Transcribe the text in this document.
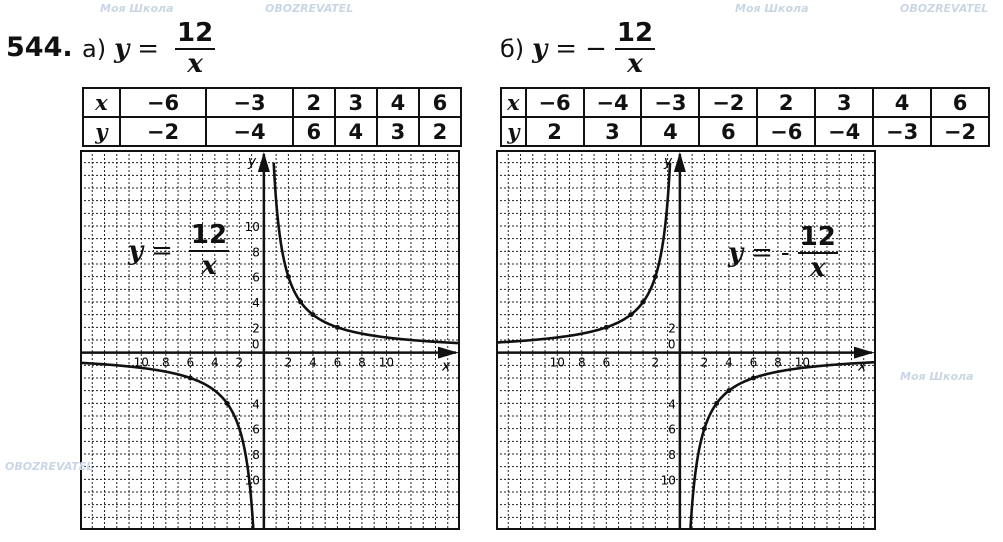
544. а) $y = \frac{12}{x}$	б) y = − $\frac{12}{x}$
x	−6	−3	2	3	4	6
y	−2	−4	6	4	3	2
x	−6	−4	−3	−2	2	3	4	6
y	2	3	4	6	−6	−4	−3	−2
x
y
0
10 8 6 4 2	2 4 6 8 10
10
8
6
4
2
4
6
8
10
x
y
0
10 8 6	2	2 4 6 8 10
2
4
6
8
10
$y = \frac{12}{x}$	y = - $\frac{12}{x}$
Моя Школа	OBOZREVATEL	Моя Школа	OBOZREVATEL
Моя Школа
OBOZREVATEL
